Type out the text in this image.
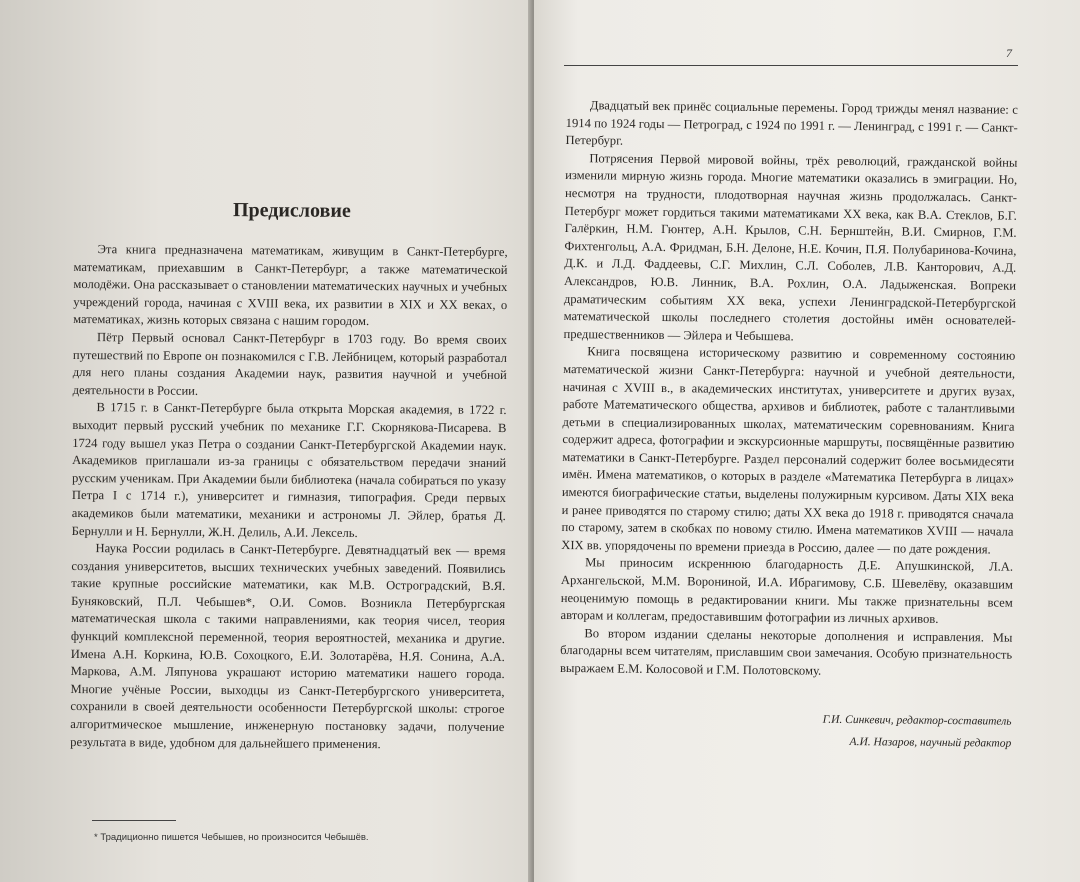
Предисловие

Эта книга предназначена математикам, живущим в Санкт-Петербурге, математикам, приехавшим в Санкт-Петербург, а также математической молодёжи. Она рассказывает о становлении математических научных и учебных учреждений города, начиная с XVIII века, их развитии в XIX и XX веках, о математиках, жизнь которых связана с нашим городом.

Пётр Первый основал Санкт-Петербург в 1703 году. Во время своих путешествий по Европе он познакомился с Г.В. Лейбницем, который разработал для него планы создания Академии наук, развития научной и учебной деятельности в России.

В 1715 г. в Санкт-Петербурге была открыта Морская академия, в 1722 г. выходит первый русский учебник по механике Г.Г. Скорнякова-Писарева. В 1724 году вышел указ Петра о создании Санкт-Петербургской Академии наук. Академиков приглашали из-за границы с обязательством передачи знаний русским ученикам. При Академии были библиотека (начала собираться по указу Петра I с 1714 г.), университет и гимназия, типография. Среди первых академиков были математики, механики и астрономы Л. Эйлер, братья Д. Бернулли и Н. Бернулли, Ж.Н. Делиль, А.И. Лексель.

Наука России родилась в Санкт-Петербурге. Девятнадцатый век — время создания университетов, высших технических учебных заведений. Появились такие крупные российские математики, как М.В. Остроградский, В.Я. Буняковский, П.Л. Чебышев*, О.И. Сомов. Возникла Петербургская математическая школа с такими направлениями, как теория чисел, теория функций комплексной переменной, теория вероятностей, механика и другие. Имена А.Н. Коркина, Ю.В. Сохоцкого, Е.И. Золотарёва, Н.Я. Сонина, А.А. Маркова, А.М. Ляпунова украшают историю математики нашего города. Многие учёные России, выходцы из Санкт-Петербургского университета, сохранили в своей деятельности особенности Петербургской школы: строгое алгоритмическое мышление, инженерную постановку задачи, получение результата в виде, удобном для дальнейшего применения.

* Традиционно пишется Чебышев, но произносится Чебышёв.
7

Двадцатый век принёс социальные перемены. Город трижды менял название: с 1914 по 1924 годы — Петроград, с 1924 по 1991 г. — Ленинград, с 1991 г. — Санкт-Петербург.

Потрясения Первой мировой войны, трёх революций, гражданской войны изменили мирную жизнь города. Многие математики оказались в эмиграции. Но, несмотря на трудности, плодотворная научная жизнь продолжалась. Санкт-Петербург может гордиться такими математиками XX века, как В.А. Стеклов, Б.Г. Галёркин, Н.М. Гюнтер, А.Н. Крылов, С.Н. Бернштейн, В.И. Смирнов, Г.М. Фихтенгольц, А.А. Фридман, Б.Н. Делоне, Н.Е. Кочин, П.Я. Полубаринова-Кочина, Д.К. и Л.Д. Фаддеевы, С.Г. Михлин, С.Л. Соболев, Л.В. Канторович, А.Д. Александров, Ю.В. Линник, В.А. Рохлин, О.А. Ладыженская. Вопреки драматическим событиям XX века, успехи Ленинградской-Петербургской математической школы последнего столетия достойны имён основателей-предшественников — Эйлера и Чебышева.

Книга посвящена историческому развитию и современному состоянию математической жизни Санкт-Петербурга: научной и учебной деятельности, начиная с XVIII в., в академических институтах, университете и других вузах, работе Математического общества, архивов и библиотек, работе с талантливыми детьми в специализированных школах, математическим соревнованиям. Книга содержит адреса, фотографии и экскурсионные маршруты, посвящённые развитию математики в Санкт-Петербурге. Раздел персоналий содержит более восьмидесяти имён. Имена математиков, о которых в разделе «Математика Петербурга в лицах» имеются биографические статьи, выделены полужирным курсивом. Даты XIX века и ранее приводятся по старому стилю; даты XX века до 1918 г. приводятся сначала по старому, затем в скобках по новому стилю. Имена математиков XVIII — начала XIX вв. упорядочены по времени приезда в Россию, далее — по дате рождения.

Мы приносим искреннюю благодарность Д.Е. Апушкинской, Л.А. Архангельской, М.М. Ворониной, И.А. Ибрагимову, С.Б. Шевелёву, оказавшим неоценимую помощь в редактировании книги. Мы также признательны всем авторам и коллегам, предоставившим фотографии из личных архивов.

Во втором издании сделаны некоторые дополнения и исправления. Мы благодарны всем читателям, приславшим свои замечания. Особую признательность выражаем Е.М. Колосовой и Г.М. Полотовскому.

Г.И. Синкевич, редактор-составитель
А.И. Назаров, научный редактор
